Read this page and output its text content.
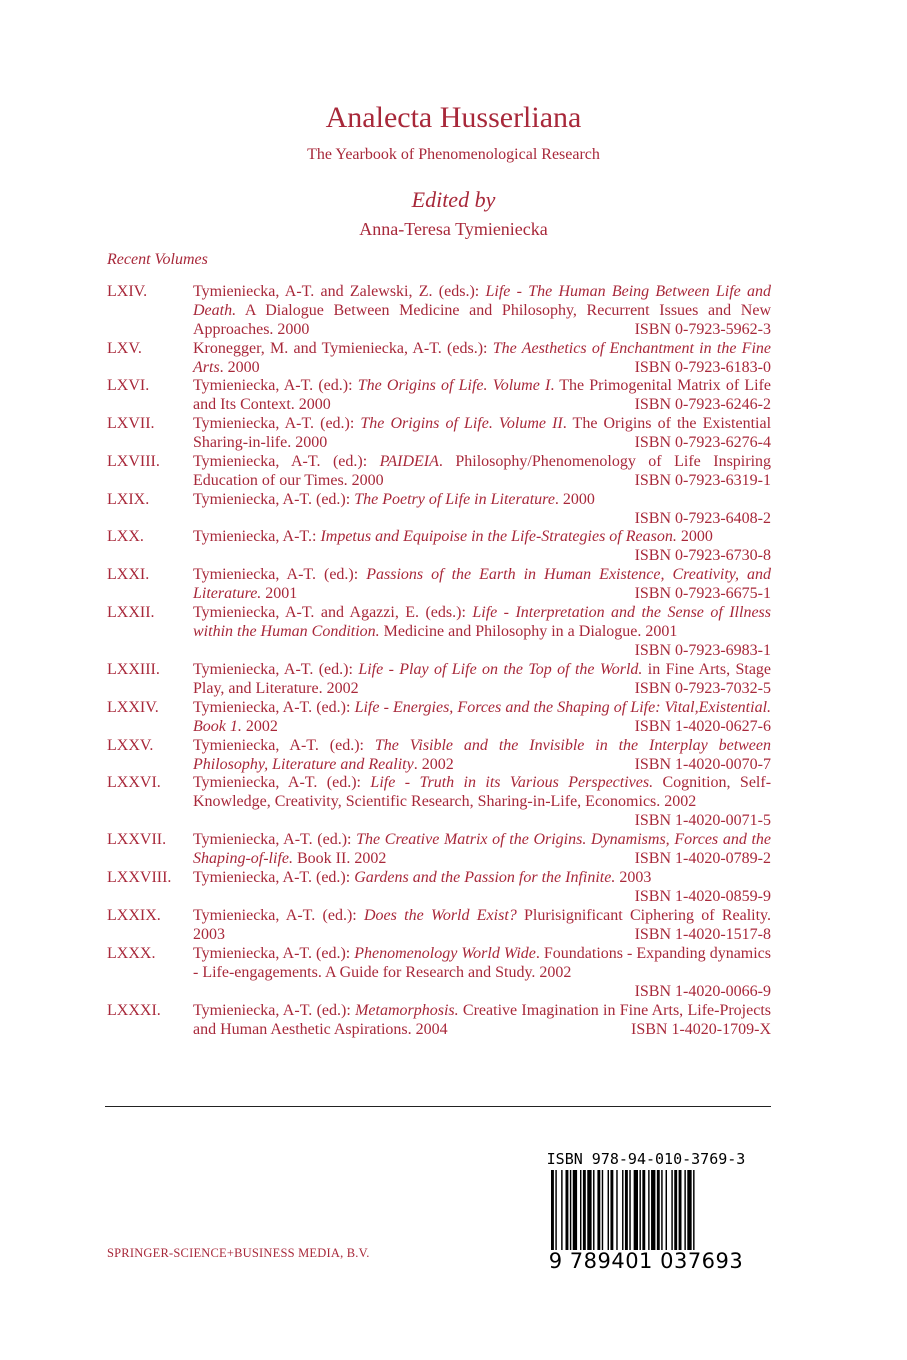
Analecta Husserliana
The Yearbook of Phenomenological Research
Edited by
Anna-Teresa Tymieniecka
Recent Volumes
LXIV.	Tymieniecka, A-T. and Zalewski, Z. (eds.): Life - The Human Being Between Life and Death. A Dialogue Between Medicine and Philosophy, Recurrent Issues and New Approaches. 2000	ISBN 0-7923-5962-3
LXV.	Kronegger, M. and Tymieniecka, A-T. (eds.): The Aesthetics of Enchantment in the Fine Arts. 2000	ISBN 0-7923-6183-0
LXVI.	Tymieniecka, A-T. (ed.): The Origins of Life. Volume I. The Primogenital Matrix of Life and Its Context. 2000	ISBN 0-7923-6246-2
LXVII. Tymieniecka, A-T. (ed.): The Origins of Life. Volume II. The Origins of the Existential Sharing-in-life. 2000	ISBN 0-7923-6276-4
LXVIII. Tymieniecka, A-T. (ed.): PAIDEIA. Philosophy/Phenomenology of Life Inspiring Education of our Times. 2000	ISBN 0-7923-6319-1
LXIX.	Tymieniecka, A-T. (ed.): The Poetry of Life in Literature. 2000

ISBN 0-7923-6408-2
LXX.	Tymieniecka, A-T.: Impetus and Equipoise in the Life-Strategies of Reason. 2000

ISBN 0-7923-6730-8
LXXI.	Tymieniecka, A-T. (ed.): Passions of the Earth in Human Existence, Creativity, and Literature. 2001	ISBN 0-7923-6675-1
LXXII. Tymieniecka, A-T. and Agazzi, E. (eds.): Life - Interpretation and the Sense of Illness within the Human Condition. Medicine and Philosophy in a Dialogue. 2001

ISBN 0-7923-6983-1
LXXIII. Tymieniecka, A-T. (ed.): Life - Play of Life on the Top of the World. in Fine Arts, Stage Play, and Literature. 2002	ISBN 0-7923-7032-5
LXXIV. Tymieniecka, A-T. (ed.): Life - Energies, Forces and the Shaping of Life: Vital,Existential. Book 1. 2002	ISBN 1-4020-0627-6
LXXV. Tymieniecka, A-T. (ed.): The Visible and the Invisible in the Interplay between Philosophy, Literature and Reality. 2002	ISBN 1-4020-0070-7
LXXVI. Tymieniecka, A-T. (ed.): Life - Truth in its Various Perspectives. Cognition, Self-Knowledge, Creativity, Scientific Research, Sharing-in-Life, Economics. 2002

ISBN 1-4020-0071-5
LXXVII. Tymieniecka, A-T. (ed.): The Creative Matrix of the Origins. Dynamisms, Forces and the Shaping-of-life. Book II. 2002	ISBN 1-4020-0789-2
LXXVIII. Tymieniecka, A-T. (ed.): Gardens and the Passion for the Infinite. 2003

ISBN 1-4020-0859-9
LXXIX. Tymieniecka, A-T. (ed.): Does the World Exist? Plurisignificant Ciphering of Reality. 2003	ISBN 1-4020-1517-8
LXXX. Tymieniecka, A-T. (ed.): Phenomenology World Wide. Foundations - Expanding dynamics - Life-engagements. A Guide for Research and Study. 2002

ISBN 1-4020-0066-9
LXXXI. Tymieniecka, A-T. (ed.): Metamorphosis. Creative Imagination in Fine Arts, Life-Projects and Human Aesthetic Aspirations. 2004	ISBN 1-4020-1709-X
SPRINGER-SCIENCE+BUSINESS MEDIA, B.V.
ISBN 978-94-010-3769-3
9 789401 037693
